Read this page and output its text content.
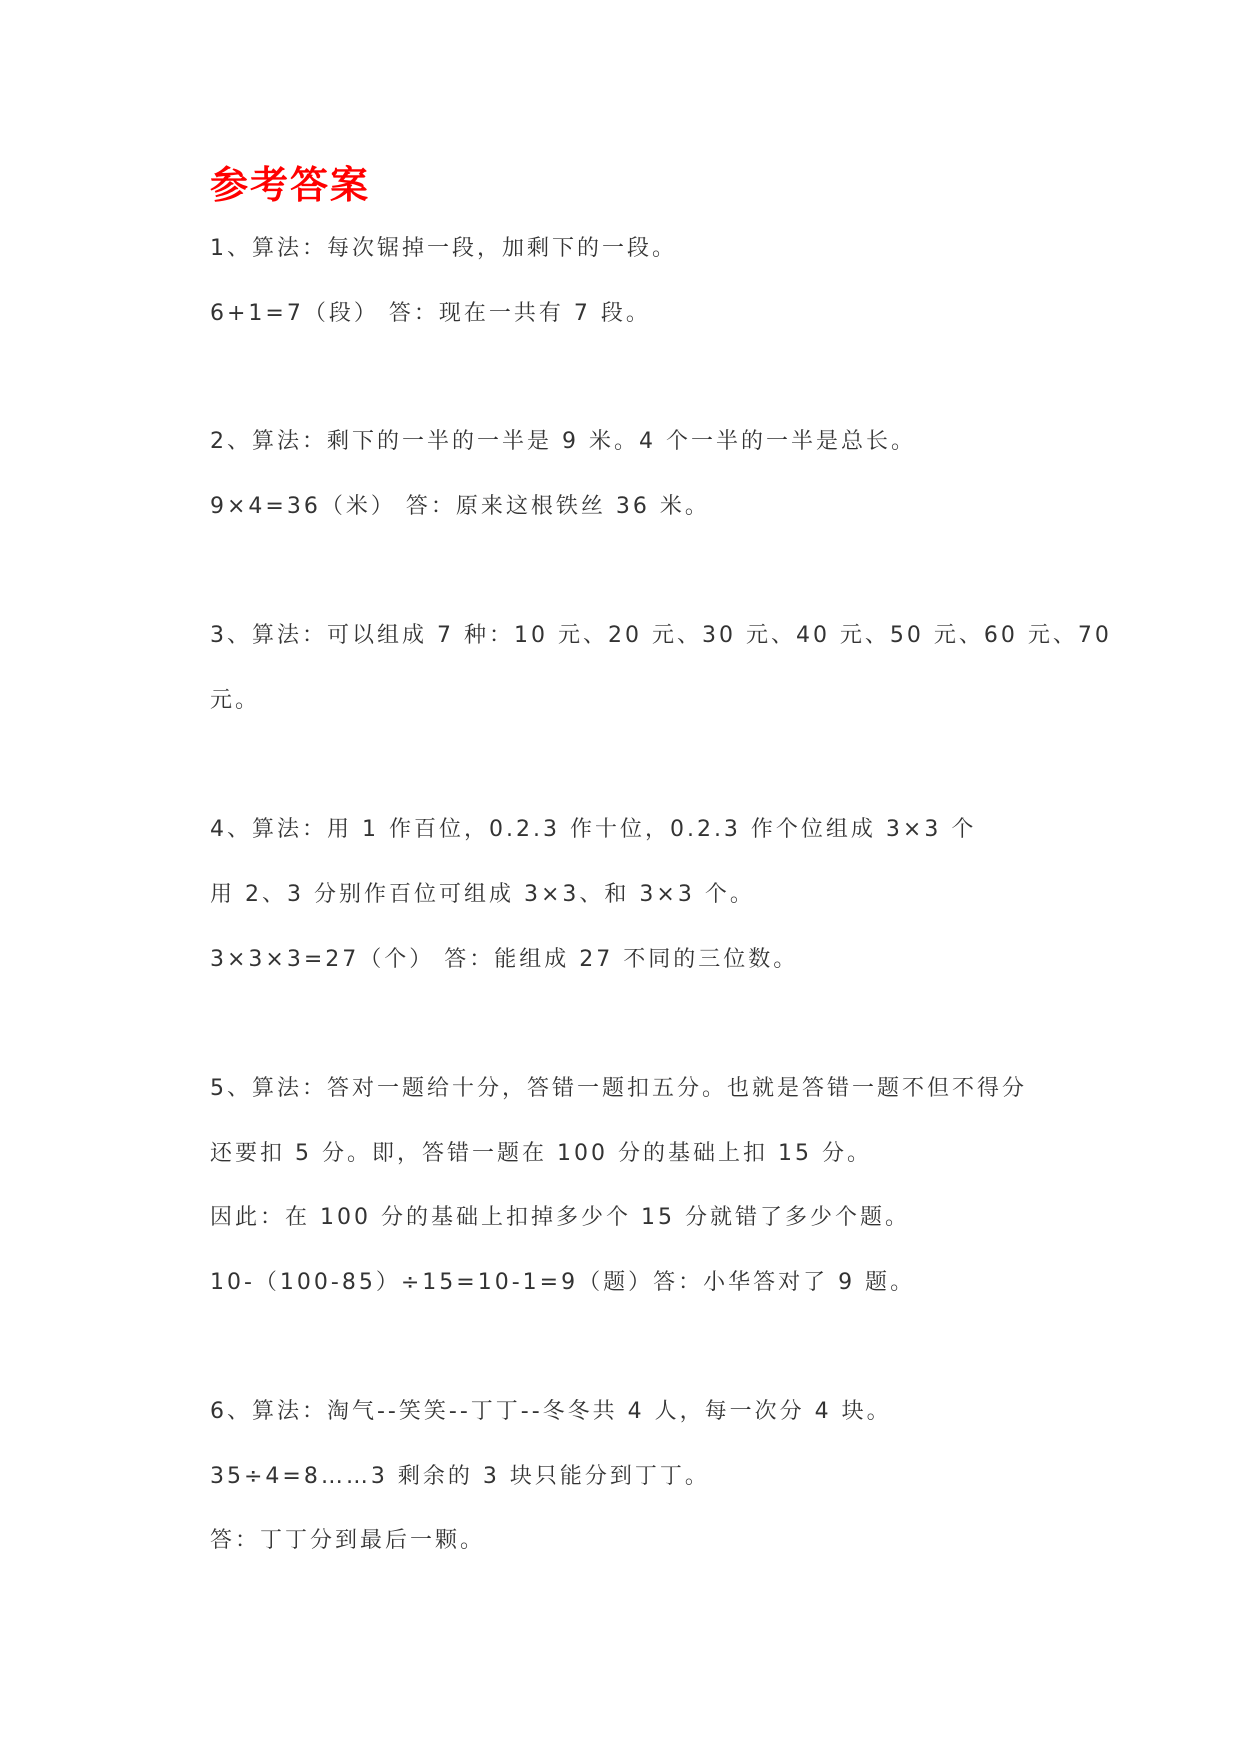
参考答案

1、算法：每次锯掉一段，加剩下的一段。

6+1=7（段） 答：现在一共有 7 段。

2、算法：剩下的一半的一半是 9 米。4 个一半的一半是总长。

9×4=36（米） 答：原来这根铁丝 36 米。

3、算法：可以组成 7 种：10 元、20 元、30 元、40 元、50 元、60 元、70

元。

4、算法：用 1 作百位，0.2.3 作十位，0.2.3 作个位组成 3×3 个

用 2、3 分别作百位可组成 3×3、和 3×3 个。

3×3×3=27（个） 答：能组成 27 不同的三位数。

5、算法：答对一题给十分，答错一题扣五分。也就是答错一题不但不得分

还要扣 5 分。即，答错一题在 100 分的基础上扣 15 分。

因此：在 100 分的基础上扣掉多少个 15 分就错了多少个题。

10-（100-85）÷15=10-1=9（题）答：小华答对了 9 题。

6、算法：淘气--笑笑--丁丁--冬冬共 4 人，每一次分 4 块。

35÷4=8……3 剩余的 3 块只能分到丁丁。

答：丁丁分到最后一颗。
